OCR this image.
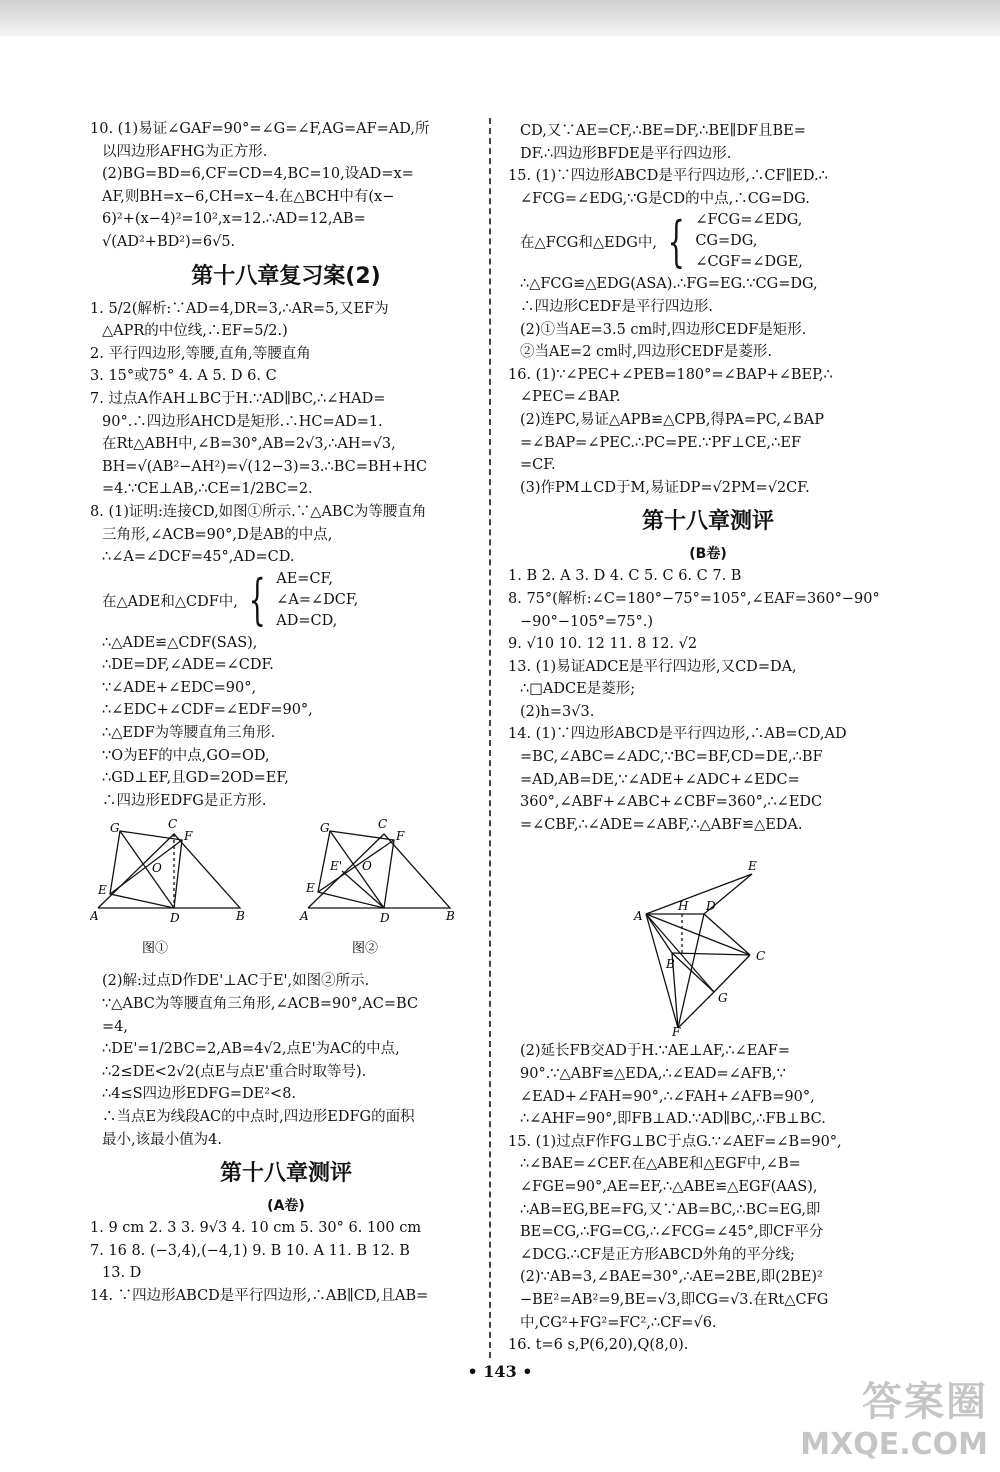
10. (1)易证∠GAF=90°=∠G=∠F,AG=AF=AD,所
以四边形AFHG为正方形.
(2)BG=BD=6,CF=CD=4,BC=10,设AD=x=
AF,则BH=x−6,CH=x−4.在△BCH中有(x−
6)²+(x−4)²=10²,x=12.∴AD=12,AB=
√(AD²+BD²)=6√5.
第十八章复习案(2)
1. 5/2(解析:∵AD=4,DR=3,∴AR=5,又EF为
△APR的中位线,∴EF=5/2.)
2. 平行四边形,等腰,直角,等腰直角
3. 15°或75° 4. A 5. D 6. C
7. 过点A作AH⊥BC于H.∵AD∥BC,∴∠HAD=
90°.∴四边形AHCD是矩形.∴HC=AD=1.
在Rt△ABH中,∠B=30°,AB=2√3,∴AH=√3,
BH=√(AB²−AH²)=√(12−3)=3.∴BC=BH+HC
=4.∵CE⊥AB,∴CE=1/2BC=2.
8. (1)证明:连接CD,如图①所示.∵△ABC为等腰直角
三角形,∠ACB=90°,D是AB的中点,
∴∠A=∠DCF=45°,AD=CD.
在△ADE和△CDF中, { AE=CF,
∠A=∠DCF,
AD=CD,
∴△ADE≌△CDF(SAS),
∴DE=DF,∠ADE=∠CDF.
∵∠ADE+∠EDC=90°,
∴∠EDC+∠CDF=∠EDF=90°,
∴△EDF为等腰直角三角形.
∵O为EF的中点,GO=OD,
∴GD⊥EF,且GD=2OD=EF,
∴四边形EDFG是正方形.
A	B
C
D
E
F
G
O
A	B
C
D
E
E'
F
G
O
图①	图②
(2)解:过点D作DE'⊥AC于E',如图②所示.
∵△ABC为等腰直角三角形,∠ACB=90°,AC=BC
=4,
∴DE'=1/2BC=2,AB=4√2,点E'为AC的中点,
∴2≤DE<2√2(点E与点E'重合时取等号).
∴4≤S四边形EDFG=DE²<8.
∴当点E为线段AC的中点时,四边形EDFG的面积
最小,该最小值为4.
第十八章测评
(A卷)
1. 9 cm 2. 3 3. 9√3 4. 10 cm 5. 30° 6. 100 cm
7. 16 8. (−3,4),(−4,1) 9. B 10. A 11. B 12. B
13. D
14. ∵四边形ABCD是平行四边形,∴AB∥CD,且AB=
CD,又∵AE=CF,∴BE=DF,∴BE∥DF且BE=
DF.∴四边形BFDE是平行四边形.
15. (1)∵四边形ABCD是平行四边形,∴CF∥ED.∴
∠FCG=∠EDG,∵G是CD的中点,∴CG=DG.
在△FCG和△EDG中, { ∠FCG=∠EDG,
CG=DG,
∠CGF=∠DGE,
∴△FCG≌△EDG(ASA).∴FG=EG.∵CG=DG,
∴四边形CEDF是平行四边形.
(2)①当AE=3.5 cm时,四边形CEDF是矩形.
②当AE=2 cm时,四边形CEDF是菱形.
16. (1)∵∠PEC+∠PEB=180°=∠BAP+∠BEP,∴
∠PEC=∠BAP.
(2)连PC,易证△APB≌△CPB,得PA=PC,∠BAP
=∠BAP=∠PEC.∴PC=PE.∵PF⊥CE,∴EF
=CF.
(3)作PM⊥CD于M,易证DP=√2PM=√2CF.
第十八章测评
(B卷)
1. B 2. A 3. D 4. C 5. C 6. C 7. B
8. 75°(解析:∠C=180°−75°=105°,∠EAF=360°−90°
−90°−105°=75°.)
9. √10 10. 12 11. 8 12. √2
13. (1)易证ADCE是平行四边形,又CD=DA,
∴□ADCE是菱形;
(2)h=3√3.
14. (1)∵四边形ABCD是平行四边形,∴AB=CD,AD
=BC,∠ABC=∠ADC,∵BC=BF,CD=DE,∴BF
=AD,AB=DE,∵∠ADE+∠ADC+∠EDC=
360°,∠ABF+∠ABC+∠CBF=360°,∴∠EDC
=∠CBF,∴∠ADE=∠ABF,∴△ABF≌△EDA.
A
B
C
D
E
F
G
H
(2)延长FB交AD于H.∵AE⊥AF,∴∠EAF=
90°.∵△ABF≌△EDA,∴∠EAD=∠AFB,∵
∠EAD+∠FAH=90°,∴∠FAH+∠AFB=90°,
∴∠AHF=90°,即FB⊥AD.∵AD∥BC,∴FB⊥BC.
15. (1)过点F作FG⊥BC于点G.∵∠AEF=∠B=90°,
∴∠BAE=∠CEF.在△ABE和△EGF中,∠B=
∠FGE=90°,AE=EF,∴△ABE≌△EGF(AAS),
∴AB=EG,BE=FG,又∵AB=BC,∴BC=EG,即
BE=CG,∴FG=CG,∴∠FCG=∠45°,即CF平分
∠DCG.∴CF是正方形ABCD外角的平分线;
(2)∵AB=3,∠BAE=30°,∴AE=2BE,即(2BE)²
−BE²=AB²=9,BE=√3,即CG=√3.在Rt△CFG
中,CG²+FG²=FC²,∴CF=√6.
16. t=6 s,P(6,20),Q(8,0).
• 143 •
答案圈
MXQE.COM
